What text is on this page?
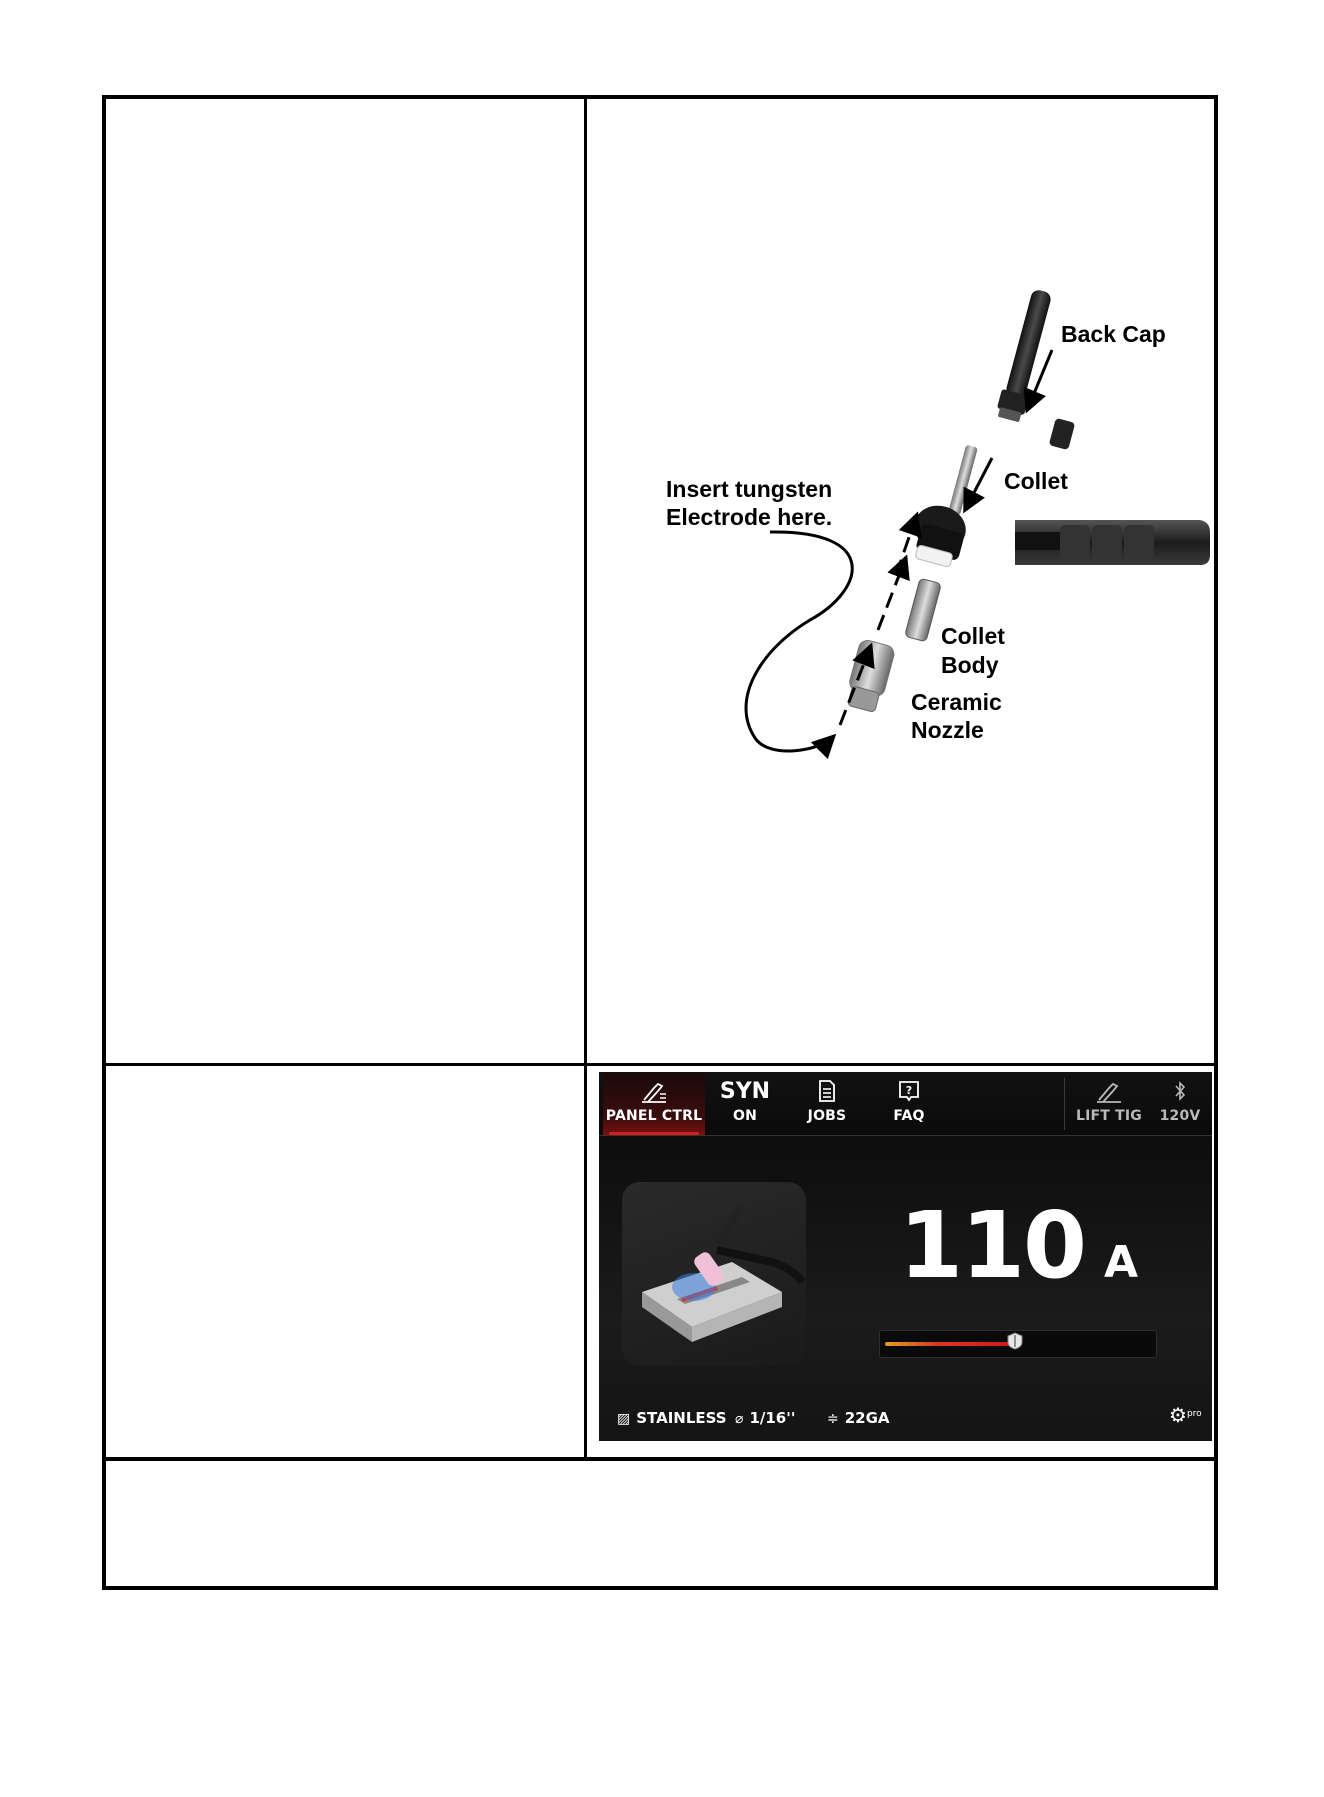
Back Cap
Collet
Insert tungsten
Electrode here.
Collet
Body
Ceramic
Nozzle
PANEL CTRL
SYN
ON	JOBS
?
FAQ	LIFT TIG	120V
110 A
▨ STAINLESS ⌀ 1/16'' ≑ 22GA	⚙$^{pro}$
